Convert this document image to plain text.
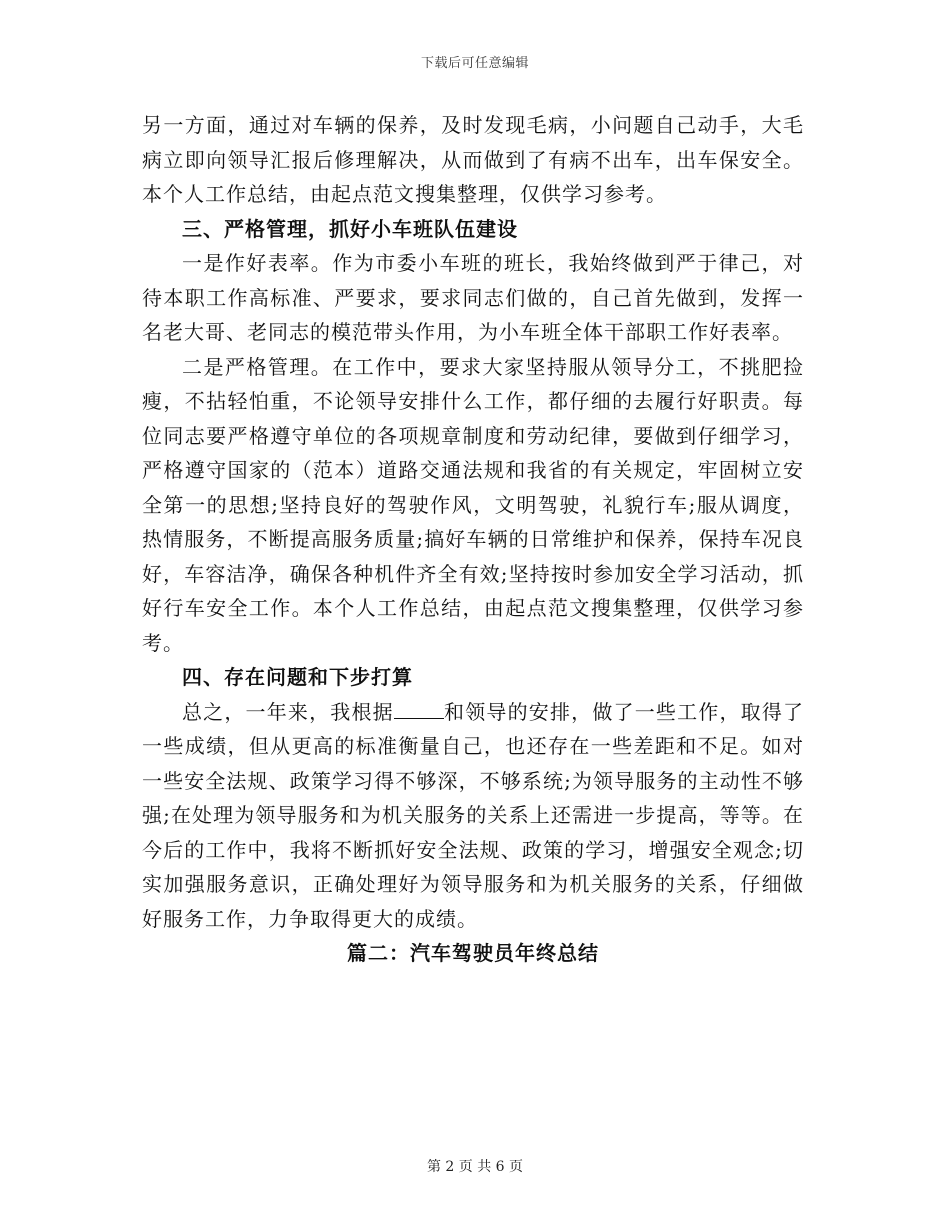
下载后可任意编辑

另一方面，通过对车辆的保养，及时发现毛病，小问题自己动手，大毛病立即向领导汇报后修理解决，从而做到了有病不出车，出车保安全。本个人工作总结，由起点范文搜集整理，仅供学习参考。

三、严格管理，抓好小车班队伍建设

一是作好表率。作为市委小车班的班长，我始终做到严于律己，对待本职工作高标准、严要求，要求同志们做的，自己首先做到，发挥一名老大哥、老同志的模范带头作用，为小车班全体干部职工作好表率。

二是严格管理。在工作中，要求大家坚持服从领导分工，不挑肥捡瘦，不拈轻怕重，不论领导安排什么工作，都仔细的去履行好职责。每位同志要严格遵守单位的各项规章制度和劳动纪律，要做到仔细学习，严格遵守国家的（范本）道路交通法规和我省的有关规定，牢固树立安全第一的思想;坚持良好的驾驶作风，文明驾驶，礼貌行车;服从调度，热情服务，不断提高服务质量;搞好车辆的日常维护和保养，保持车况良好，车容洁净，确保各种机件齐全有效;坚持按时参加安全学习活动，抓好行车安全工作。本个人工作总结，由起点范文搜集整理，仅供学习参考。

四、存在问题和下步打算

总之，一年来，我根据	和领导的安排，做了一些工作，取得了一些成绩，但从更高的标准衡量自己，也还存在一些差距和不足。如对一些安全法规、政策学习得不够深，不够系统;为领导服务的主动性不够强;在处理为领导服务和为机关服务的关系上还需进一步提高，等等。在今后的工作中，我将不断抓好安全法规、政策的学习，增强安全观念;切实加强服务意识，正确处理好为领导服务和为机关服务的关系，仔细做好服务工作，力争取得更大的成绩。

篇二：汽车驾驶员年终总结

第 2 页 共 6 页
